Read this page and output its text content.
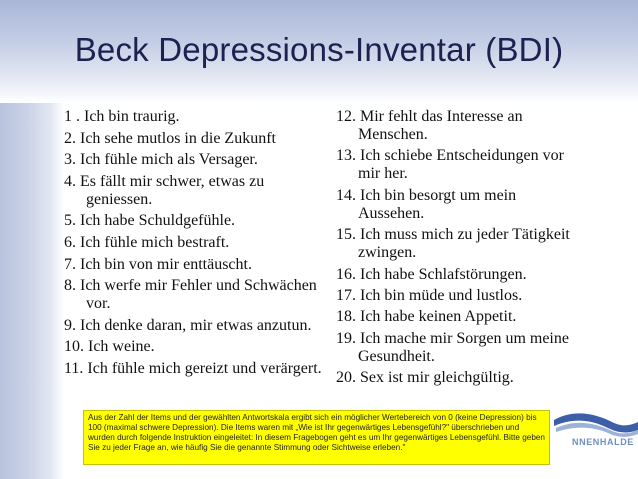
Beck Depressions-Inventar (BDI)
1 . Ich bin traurig.
2. Ich sehe mutlos in die Zukunft
3. Ich fühle mich als Versager.
4. Es fällt mir schwer, etwas zu geniessen.
5. Ich habe Schuldgefühle.
6. Ich fühle mich bestraft.
7. Ich bin von mir enttäuscht.
8. Ich werfe mir Fehler und Schwächen vor.
9. Ich denke daran, mir etwas anzutun.
10. Ich weine.
11. Ich fühle mich gereizt und verärgert.
12. Mir fehlt das Interesse an Menschen.
13. Ich schiebe Entscheidungen vor mir her.
14. Ich bin besorgt um mein Aussehen.
15. Ich muss mich zu jeder Tätigkeit zwingen.
16. Ich habe Schlafstörungen.
17. Ich bin müde und lustlos.
18. Ich habe keinen Appetit.
19. Ich mache mir Sorgen um meine Gesundheit.
20. Sex ist mir gleichgültig.
NNENHALDE
Aus der Zahl der Items und der gewählten Antwortskala ergibt sich ein möglicher Wertebereich von 0 (keine Depression) bis 100 (maximal schwere Depression). Die Items waren mit „Wie ist Ihr gegenwärtiges Lebensgefühl?" überschrieben und wurden durch folgende Instruktion eingeleitet: In diesem Fragebogen geht es um Ihr gegenwärtiges Lebensgefühl. Bitte geben Sie zu jeder Frage an, wie häufig Sie die genannte Stimmung oder Sichtweise erleben."
